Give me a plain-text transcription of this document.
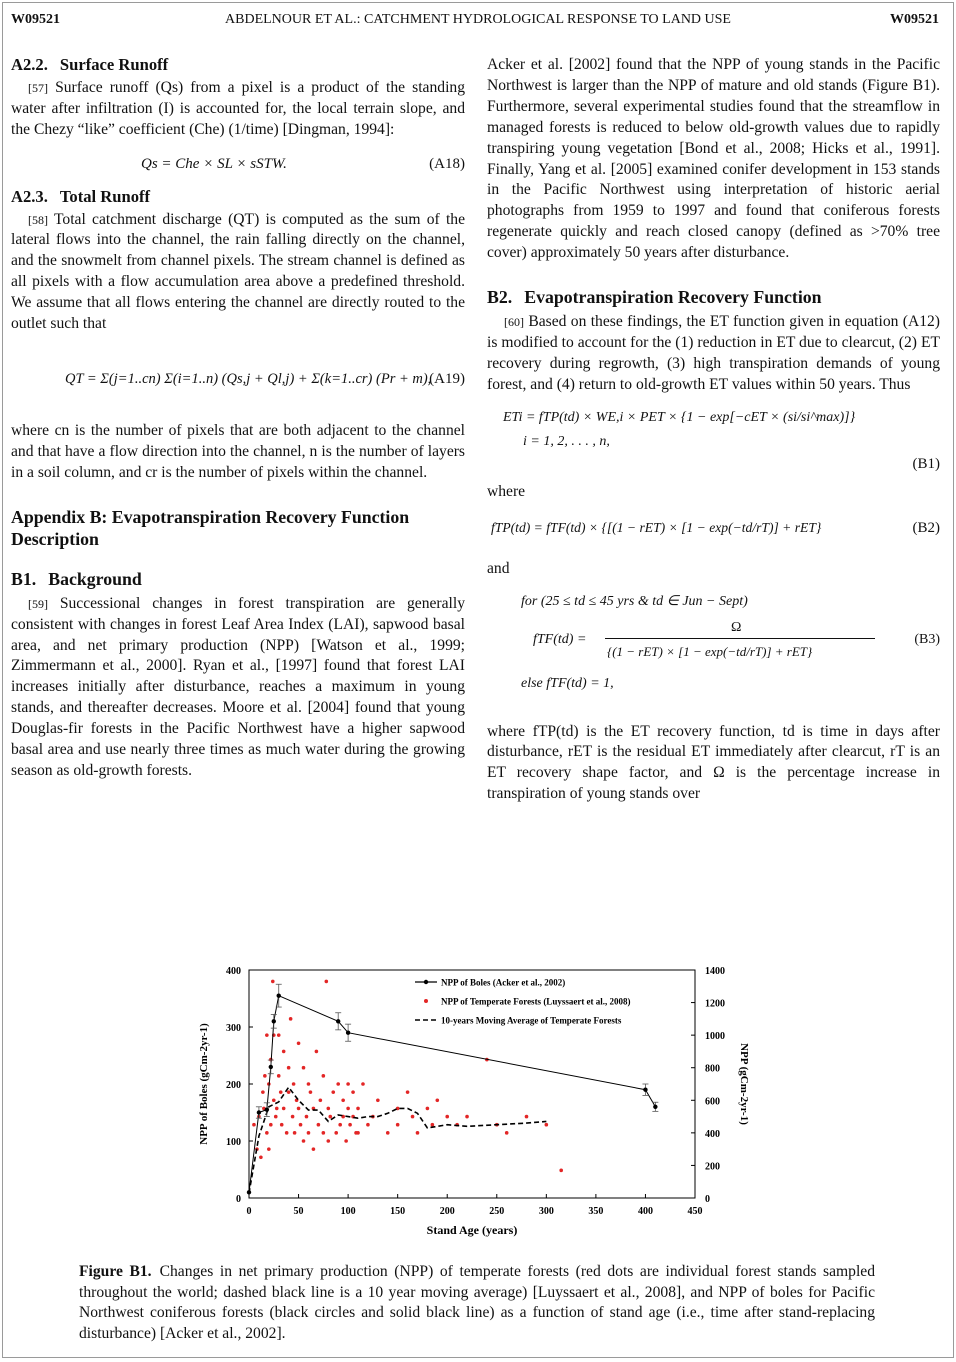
W09521	ABDELNOUR ET AL.: CATCHMENT HYDROLOGICAL RESPONSE TO LAND USE	W09521
A2.2. Surface Runoff

[57] Surface runoff (Qs) from a pixel is a product of the standing water after infiltration (I) is accounted for, the local terrain slope, and the Chezy “like” coefficient (Che) (1/time) [Dingman, 1994]:

Qs = Che × SL × sSTW.	(A18)
A2.3. Total Runoff

[58] Total catchment discharge (QT) is computed as the sum of the lateral flows into the channel, the rain falling directly on the channel, and the snowmelt from channel pixels. The stream channel is defined as all pixels with a flow accumulation area above a predefined threshold. We assume that all flows entering the channel are directly routed to the outlet such that

QT = Σ(j=1..cn) Σ(i=1..n) (Qs,j + Ql,j) + Σ(k=1..cr) (Pr + m),
(A19)

where cn is the number of pixels that are both adjacent to the channel and that have a flow direction into the channel, n is the number of layers in a soil column, and cr is the number of pixels within the channel.

Appendix B: Evapotranspiration Recovery Function Description
B1. Background

[59] Successional changes in forest transpiration are generally consistent with changes in forest Leaf Area Index (LAI), sapwood basal area, and net primary production (NPP) [Watson et al., 1999; Zimmermann et al., 2000]. Ryan et al., [1997] found that forest LAI increases initially after disturbance, reaches a maximum in young stands, and thereafter decreases. Moore et al. [2004] found that young Douglas-fir forests in the Pacific Northwest have a higher sapwood basal area and use nearly three times as much water during the growing season as old-growth forests.

Acker et al. [2002] found that the NPP of young stands in the Pacific Northwest is larger than the NPP of mature and old stands (Figure B1). Furthermore, several experimental studies found that the streamflow in managed forests is reduced to below old-growth values due to rapidly transpiring young vegetation [Bond et al., 2008; Hicks et al., 1991]. Finally, Yang et al. [2005] examined conifer development in 153 stands in the Pacific Northwest using interpretation of historic aerial photographs from 1959 to 1997 and found that coniferous forests regenerate quickly and reach closed canopy (defined as >70% tree cover) approximately 50 years after disturbance.

B2. Evapotranspiration Recovery Function

[60] Based on these findings, the ET function given in equation (A12) is modified to account for the (1) reduction in ET due to clearcut, (2) ET recovery during regrowth, (3) high transpiration demands of young forest, and (4) return to old-growth ET values within 50 years. Thus

ETi = fTP(td) × WE,i × PET × {1 − exp[−cET × (si/si^max)]}
i = 1, 2, . . . , n,
(B1)

where

fTP(td) = fTF(td) × {[(1 − rET) × [1 − exp(−td/rT)] + rET}	(B2)

and

for (25 ≤ td ≤ 45 yrs & td ∈ Jun − Sept)
fTF(td) =
Ω
{(1 − rET) × [1 − exp(−td/rT)] + rET}
else fTF(td) = 1,
(B3)

where fTP(td) is the ET recovery function, td is time in days after disturbance, rET is the residual ET immediately after clearcut, rT is an ET recovery shape factor, and Ω is the percentage increase in transpiration of young stands over

0	50	100	150	200	250	300	350	400	450
0
100
200
300
400
0
200
400
600
800
1000
1200
1400
Stand Age (years)
NPP of Boles (gCm-2yr-1)	NPP (gCm-2yr-1)
NPP of Boles (Acker et al., 2002)
NPP of Temperate Forests (Luyssaert et al., 2008)
10-years Moving Average of Temperate Forests
Figure B1. Changes in net primary production (NPP) of temperate forests (red dots are individual forest stands sampled throughout the world; dashed black line is a 10 year moving average) [Luyssaert et al., 2008], and NPP of boles for Pacific Northwest coniferous forests (black circles and solid black line) as a function of stand age (i.e., time after stand-replacing disturbance) [Acker et al., 2002].
